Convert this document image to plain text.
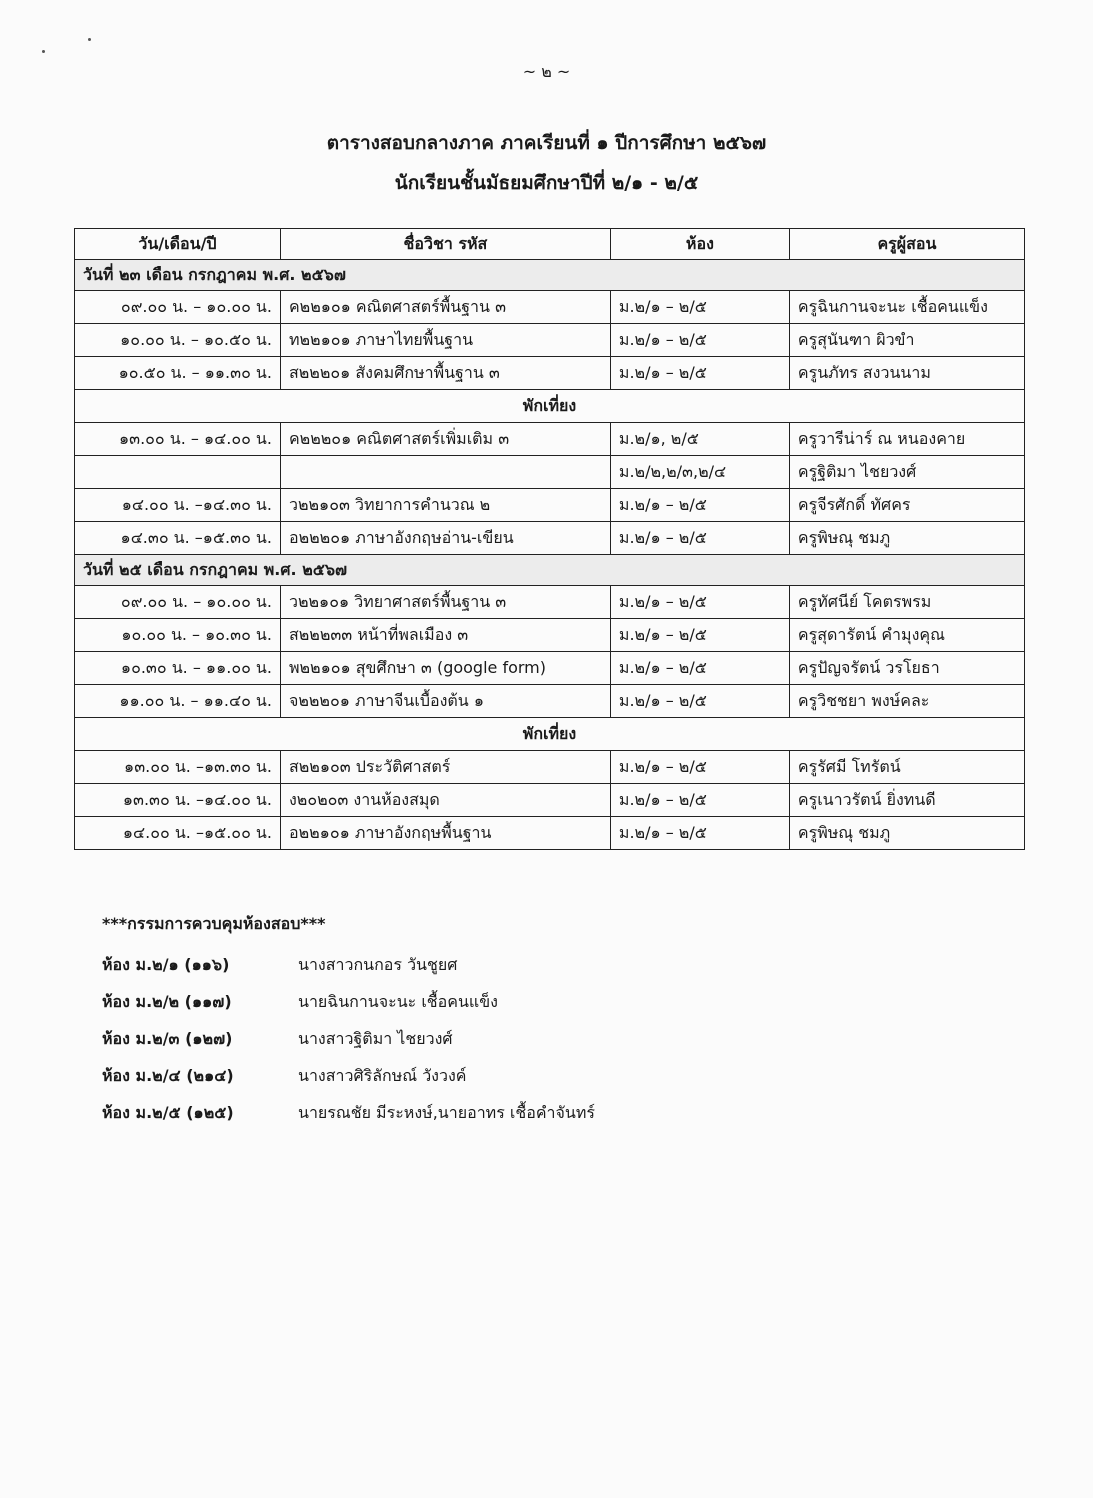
~ ๒ ~
ตารางสอบกลางภาค ภาคเรียนที่ ๑ ปีการศึกษา ๒๕๖๗
นักเรียนชั้นมัธยมศึกษาปีที่ ๒/๑ - ๒/๕
วัน/เดือน/ปี	ชื่อวิชา รหัส	ห้อง	ครูผู้สอน
วันที่ ๒๓ เดือน กรกฎาคม พ.ศ. ๒๕๖๗			
๐๙.๐๐ น. – ๑๐.๐๐ น.	ค๒๒๑๐๑ คณิตศาสตร์พื้นฐาน ๓	ม.๒/๑ – ๒/๕	ครูฉินกานจะนะ เชื้อคนแข็ง
๑๐.๐๐ น. – ๑๐.๕๐ น.	ท๒๒๑๐๑ ภาษาไทยพื้นฐาน	ม.๒/๑ – ๒/๕	ครูสุนันฑา ผิวขำ
๑๐.๕๐ น. – ๑๑.๓๐ น.	ส๒๒๒๐๑ สังคมศึกษาพื้นฐาน ๓	ม.๒/๑ – ๒/๕	ครูนภัทร สงวนนาม
พักเที่ยง			
๑๓.๐๐ น. – ๑๔.๐๐ น.	ค๒๒๒๐๑ คณิตศาสตร์เพิ่มเติม ๓	ม.๒/๑, ๒/๕	ครูวารีน่าร์ ณ หนองคาย
		ม.๒/๒,๒/๓,๒/๔	ครูฐิติมา ไชยวงศ์
๑๔.๐๐ น. –๑๔.๓๐ น.	ว๒๒๑๐๓ วิทยาการคำนวณ ๒	ม.๒/๑ – ๒/๕	ครูจีรศักดิ์ ทัศคร
๑๔.๓๐ น. –๑๕.๓๐ น.	อ๒๒๒๐๑ ภาษาอังกฤษอ่าน-เขียน	ม.๒/๑ – ๒/๕	ครูพิษณุ ชมภู
วันที่ ๒๕ เดือน กรกฎาคม พ.ศ. ๒๕๖๗			
๐๙.๐๐ น. – ๑๐.๐๐ น.	ว๒๒๑๐๑ วิทยาศาสตร์พื้นฐาน ๓	ม.๒/๑ – ๒/๕	ครูทัศนีย์ โคตรพรม
๑๐.๐๐ น. – ๑๐.๓๐ น.	ส๒๒๒๓๓ หน้าที่พลเมือง ๓	ม.๒/๑ – ๒/๕	ครูสุดารัตน์ คำมุงคุณ
๑๐.๓๐ น. – ๑๑.๐๐ น.	พ๒๒๑๐๑ สุขศึกษา ๓ (google form)	ม.๒/๑ – ๒/๕	ครูปัญจรัตน์ วรโยธา
๑๑.๐๐ น. – ๑๑.๔๐ น.	จ๒๒๒๐๑ ภาษาจีนเบื้องต้น ๑	ม.๒/๑ – ๒/๕	ครูวิชชยา พงษ์คละ
พักเที่ยง			
๑๓.๐๐ น. –๑๓.๓๐ น.	ส๒๒๑๐๓ ประวัติศาสตร์	ม.๒/๑ – ๒/๕	ครูรัศมี โทรัตน์
๑๓.๓๐ น. –๑๔.๐๐ น.	ง๒๐๒๐๓ งานห้องสมุด	ม.๒/๑ – ๒/๕	ครูเนาวรัตน์ ยิ่งทนดี
๑๔.๐๐ น. –๑๕.๐๐ น.	อ๒๒๑๐๑ ภาษาอังกฤษพื้นฐาน	ม.๒/๑ – ๒/๕	ครูพิษณุ ชมภู
***กรรมการควบคุมห้องสอบ***
ห้อง ม.๒/๑ (๑๑๖)	นางสาวกนกอร วันชูยศ
ห้อง ม.๒/๒ (๑๑๗)	นายฉินกานจะนะ เชื้อคนแข็ง
ห้อง ม.๒/๓ (๑๒๗)	นางสาวฐิติมา ไชยวงศ์
ห้อง ม.๒/๔ (๒๑๔)	นางสาวศิริลักษณ์ วังวงค์
ห้อง ม.๒/๕ (๑๒๕)	นายรณชัย มีระหงษ์,นายอาทร เชื้อคำจันทร์
